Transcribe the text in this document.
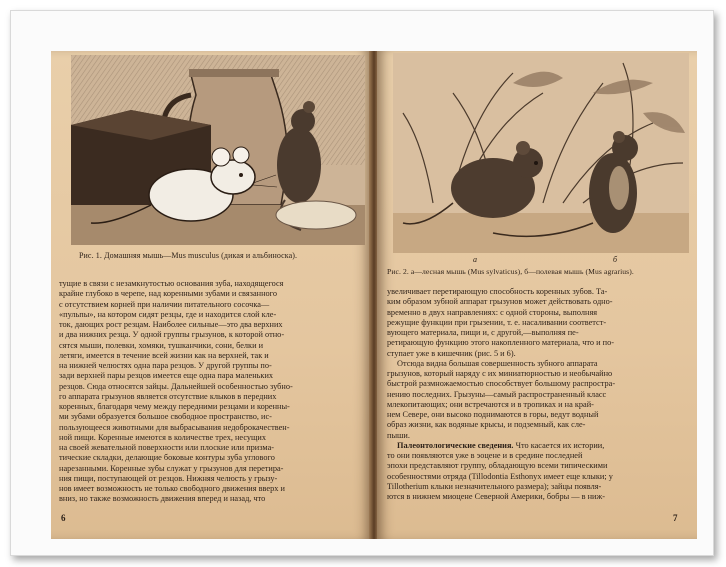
Рис. 1. Домашняя мышь—Mus musculus (дикая и альбиноска).
тущие в связи с незамкнутостью основания зуба, находящегося
крайне глубоко в черепе, над коренными зубами и связанного
с отсутствием корней при наличии питательного сосочка—
«пульпы», на котором сидят резцы, где и находится слой кле-
ток, дающих рост резцам. Наиболее сильные—это два верхних
и два нижних резца. У одной группы грызунов, к которой отно-
сятся мыши, полевки, хомяки, тушканчики, сони, белки и
летяги, имеется в течение всей жизни как на верхней, так и
на нижней челюстях одна пара резцов. У другой группы по-
зади верхней пары резцов имеется еще одна пара маленьких
резцов. Сюда относятся зайцы. Дальнейшей особенностью зубно-
го аппарата грызунов является отсутствие клыков в передних
коренных, благодаря чему между передними резцами и коренны-
ми зубами образуется большое свободное пространство, ис-
пользующееся животными для выбрасывания недоброкачествен-
ной пищи. Коренные имеются в количестве трех, несущих
на своей жевательной поверхности или плоские или призма-
тические складки, делающие боковые контуры зуба углового
нарезанными. Коренные зубы служат у грызунов для перетира-
ния пищи, поступающей от резцов. Нижняя челюсть у грызу-
нов имеет возможность не только свободного движения вверх и
вниз, но также возможность движения вперед и назад, что
6
а	б
Рис. 2. а—лесная мышь (Mus sylvaticus), б—полевая мышь (Mus agrarius).
увеличивает перетирающую способность коренных зубов. Та-
ким образом зубной аппарат грызунов может действовать одно-
временно в двух направлениях: с одной стороны, выполняя
режущие функции при грызении, т. е. насаливании соответст-
вующего материала, пищи и, с другой,—выполняя пе-
ретирающую функцию этого накопленного материала, что и по-
ступает уже в кишечник (рис. 5 и 6).
Отсюда видна большая совершенность зубного аппарата
грызунов, который наряду с их миниатюрностью и необычайно
быстрой размножаемостью способствует большому распростра-
нению последних. Грызуны—самый распространенный класс
млекопитающих; они встречаются и в тропиках и на край-
нем Севере, они высоко поднимаются в горы, ведут водный
образ жизни, как водяные крысы, и подземный, как сле-
пыши.
Палеонтологические сведения. Что касается их истории,
то они появляются уже в эоцене и в средине последней
эпохи представляют группу, обладающую всеми типическими
особенностями отряда (Tillodontia Esthonyx имеет еще клыки; у
Tillotherium клыки незначительного размера); зайцы появля-
ются в нижнем миоцене Северной Америки, бобры — в ниж-
7
